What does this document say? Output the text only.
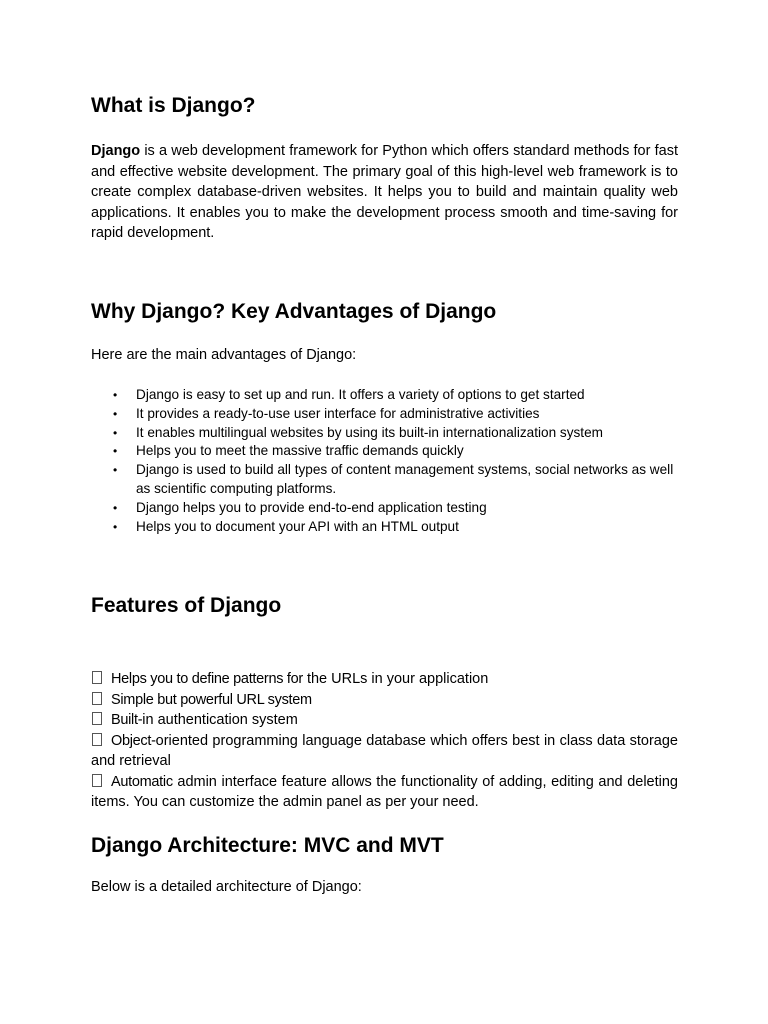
What is Django?

Django is a web development framework for Python which offers standard methods for fast and effective website development. The primary goal of this high-level web framework is to create complex database-driven websites. It helps you to build and maintain quality web applications. It enables you to make the development process smooth and time-saving for rapid development.

Why Django? Key Advantages of Django

Here are the main advantages of Django:

• Django is easy to set up and run. It offers a variety of options to get started
• It provides a ready-to-use user interface for administrative activities
• It enables multilingual websites by using its built-in internationalization system
• Helps you to meet the massive traffic demands quickly
• Django is used to build all types of content management systems, social networks as well as scientific computing platforms.
• Django helps you to provide end-to-end application testing
• Helps you to document your API with an HTML output
Features of Django
Helps you to define patterns for the URLs in your application
Simple but powerful URL system
Built-in authentication system
Object-oriented programming language database which offers best in class data storage and retrieval
Automatic admin interface feature allows the functionality of adding, editing and deleting items. You can customize the admin panel as per your need.
Django Architecture: MVC and MVT

Below is a detailed architecture of Django:
